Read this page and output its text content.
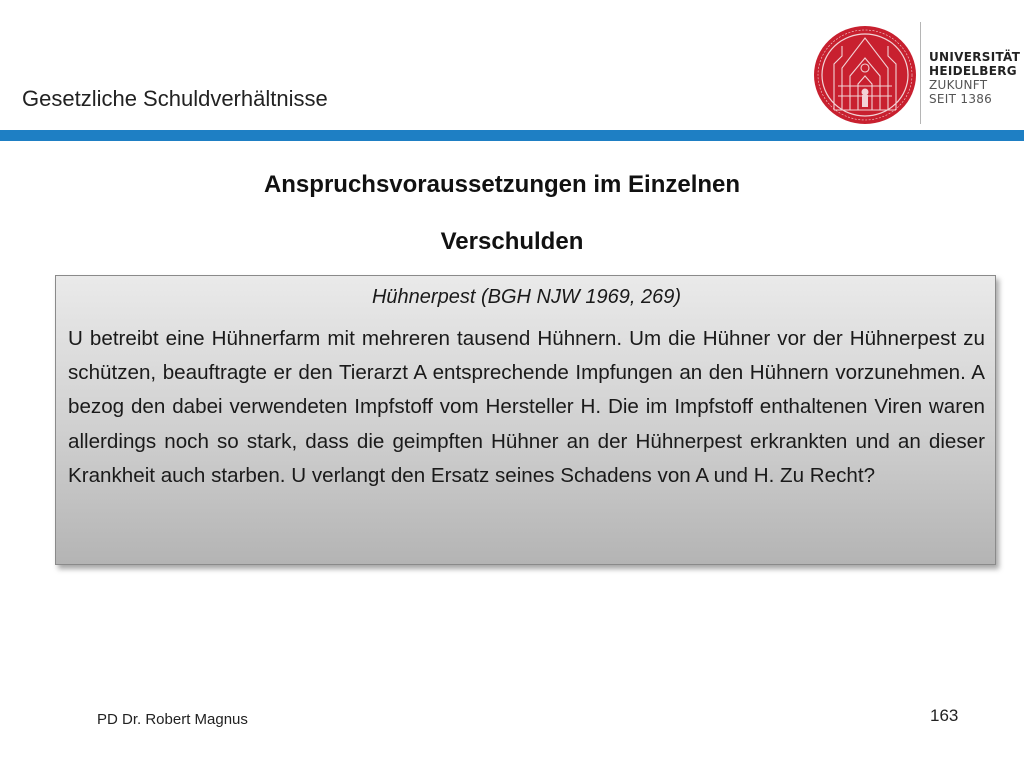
Gesetzliche Schuldverhältnisse
UNIVERSITÄT
HEIDELBERG
ZUKUNFT
SEIT 1386
Anspruchsvoraussetzungen im Einzelnen
Verschulden
Hühnerpest (BGH NJW 1969, 269)
U betreibt eine Hühnerfarm mit mehreren tausend Hühnern. Um die Hühner vor der Hühnerpest zu schützen, beauftragte er den Tierarzt A entsprechende Impfungen an den Hühnern vorzunehmen. A bezog den dabei verwendeten Impfstoff vom Hersteller H. Die im Impfstoff enthaltenen Viren waren allerdings noch so stark, dass die geimpften Hühner an der Hühnerpest erkrankten und an dieser Krankheit auch starben. U verlangt den Ersatz seines Schadens von A und H. Zu Recht?
PD Dr. Robert Magnus	163
